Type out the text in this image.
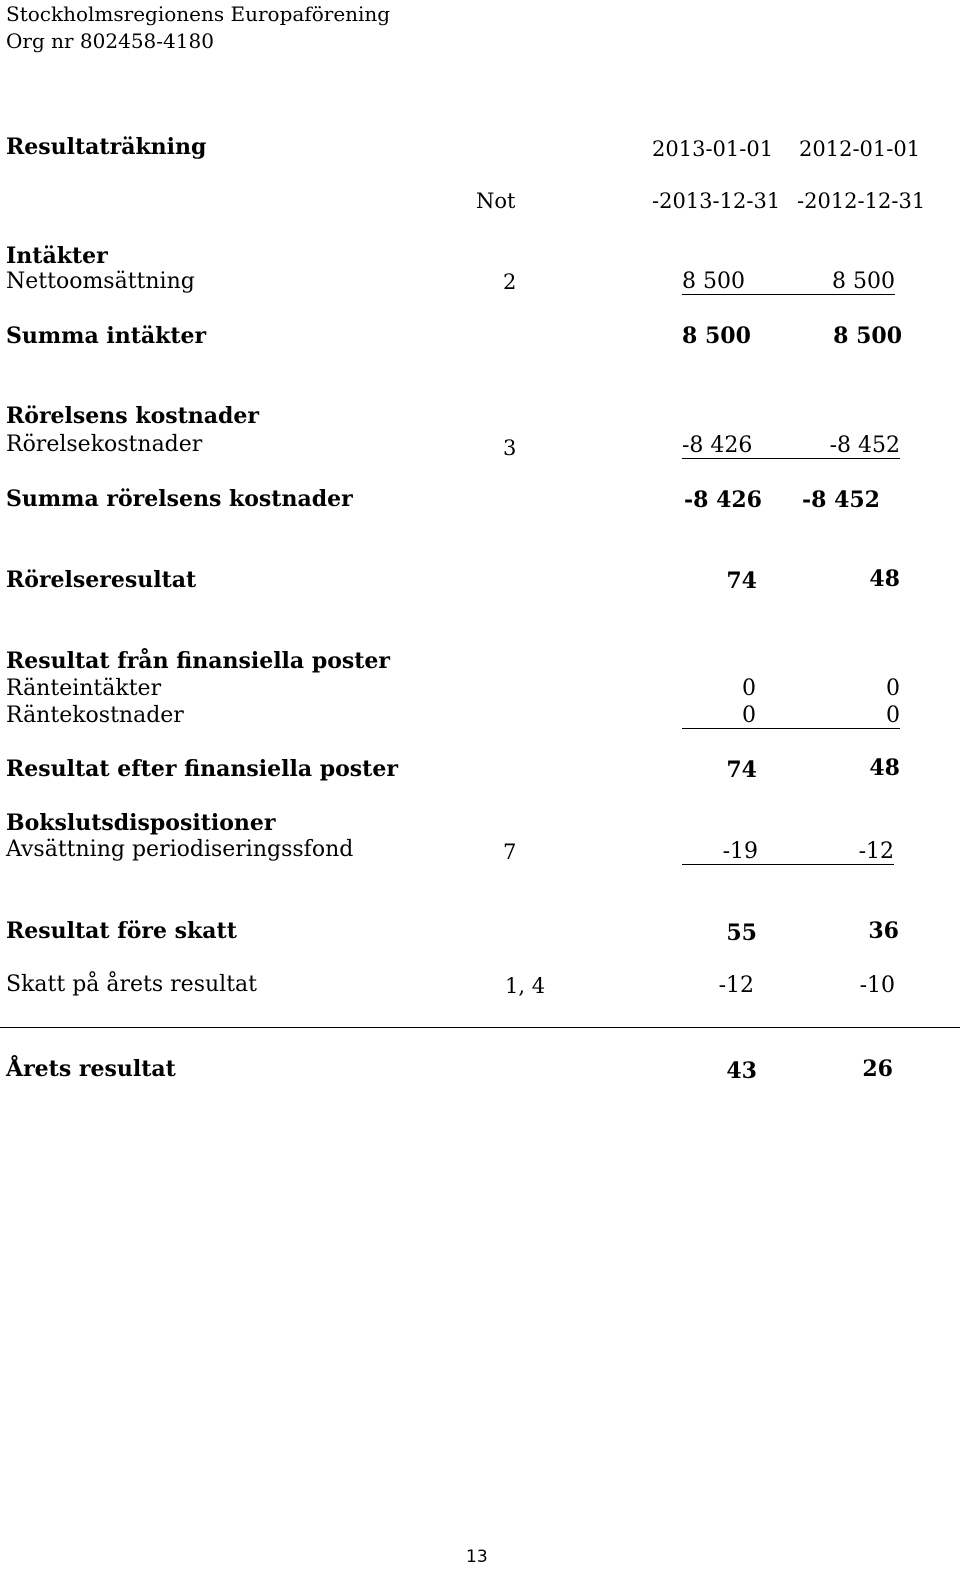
Stockholmsregionens Europaförening
Org nr 802458-4180
Resultaträkning	2013-01-01 2012-01-01
Not	-2013-12-31 -2012-12-31
Intäkter
Nettoomsättning	2	8 500	8 500
Summa intäkter	8 500	8 500
Rörelsens kostnader
Rörelsekostnader	3	-8 426	-8 452
Summa rörelsens kostnader	-8 426	-8 452
Rörelseresultat	74	48
Resultat från finansiella poster
Ränteintäkter	0	0
Räntekostnader	0	0
Resultat efter finansiella poster	74	48
Bokslutsdispositioner
Avsättning periodiseringssfond	7	-19	-12
Resultat före skatt	55	36
Skatt på årets resultat	1, 4	-12	-10
Årets resultat	43	26
13
